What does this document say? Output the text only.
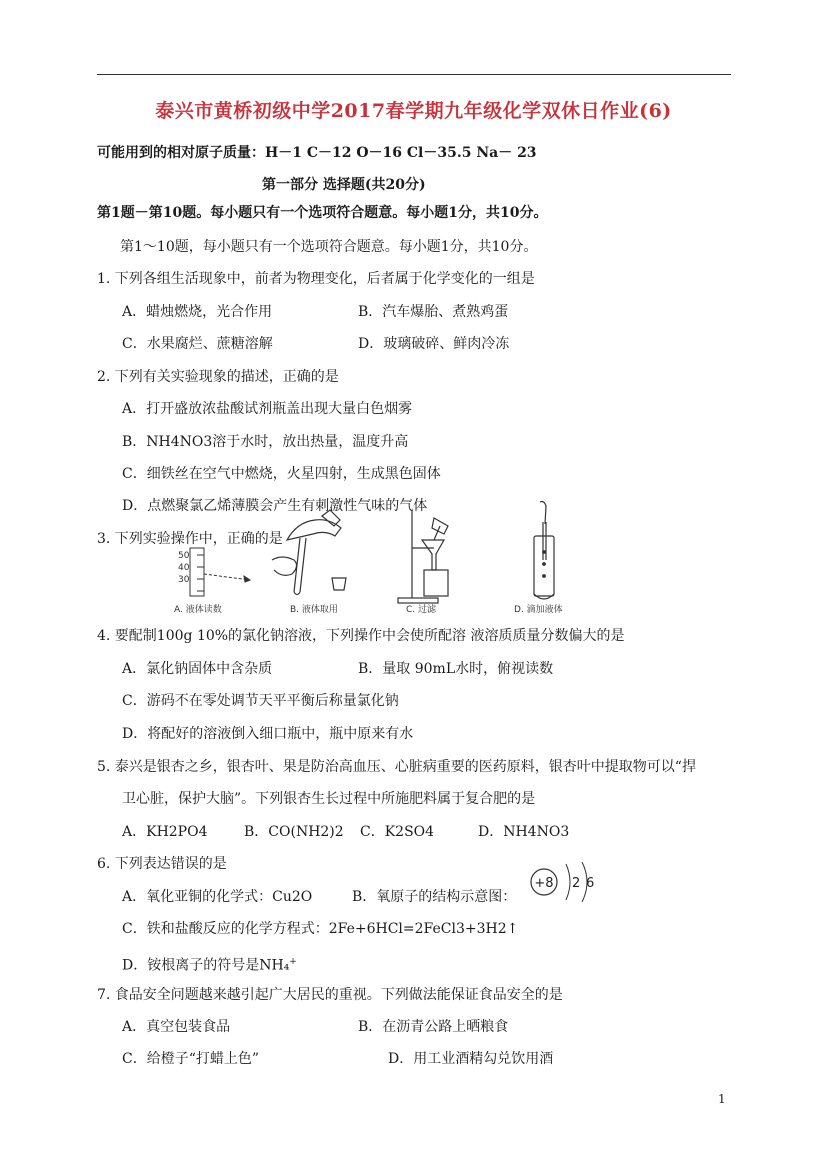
泰兴市黄桥初级中学2017春学期九年级化学双休日作业(6)
可能用到的相对原子质量：H－1 C－12 O－16 Cl－35.5 Na－ 23
第一部分 选择题(共20分)
第1题－第10题。每小题只有一个选项符合题意。每小题1分，共10分。
第1～10题，每小题只有一个选项符合题意。每小题1分，共10分。
1. 下列各组生活现象中，前者为物理变化，后者属于化学变化的一组是
A．蜡烛燃烧，光合作用	B．汽车爆胎、煮熟鸡蛋
C．水果腐烂、蔗糖溶解	D．玻璃破碎、鲜肉冷冻
2. 下列有关实验现象的描述，正确的是
A．打开盛放浓盐酸试剂瓶盖出现大量白色烟雾
B．NH4NO3溶于水时，放出热量，温度升高
C．细铁丝在空气中燃烧，火星四射，生成黑色固体
D．点燃聚氯乙烯薄膜会产生有刺激性气味的气体
3. 下列实验操作中，正确的是
50
40
30
A. 液体读数	B. 液体取用	C. 过滤	D. 滴加液体
4. 要配制100g 10%的氯化钠溶液，下列操作中会使所配溶 液溶质质量分数偏大的是
A．氯化钠固体中含杂质	B．量取 90mL水时，俯视读数
C．游码不在零处调节天平平衡后称量氯化钠
D．将配好的溶液倒入细口瓶中，瓶中原来有水
5. 泰兴是银杏之乡，银杏叶、果是防治高血压、心脏病重要的医药原料，银杏叶中提取物可以“捍
卫心脏，保护大脑”。下列银杏生长过程中所施肥料属于复合肥的是
A．KH2PO4	B．CO(NH2)2 C．K2SO4	D．NH4NO3
6. 下列表达错误的是
A．氧化亚铜的化学式：Cu2O	B．氧原子的结构示意图：
+8 2 6
C．铁和盐酸反应的化学方程式：2Fe+6HCl=2FeCl3+3H2↑
D．铵根离子的符号是NH₄+
7. 食品安全问题越来越引起广大居民的重视。下列做法能保证食品安全的是
A．真空包装食品	B．在沥青公路上晒粮食
C．给橙子“打蜡上色”	D．用工业酒精勾兑饮用酒
1
